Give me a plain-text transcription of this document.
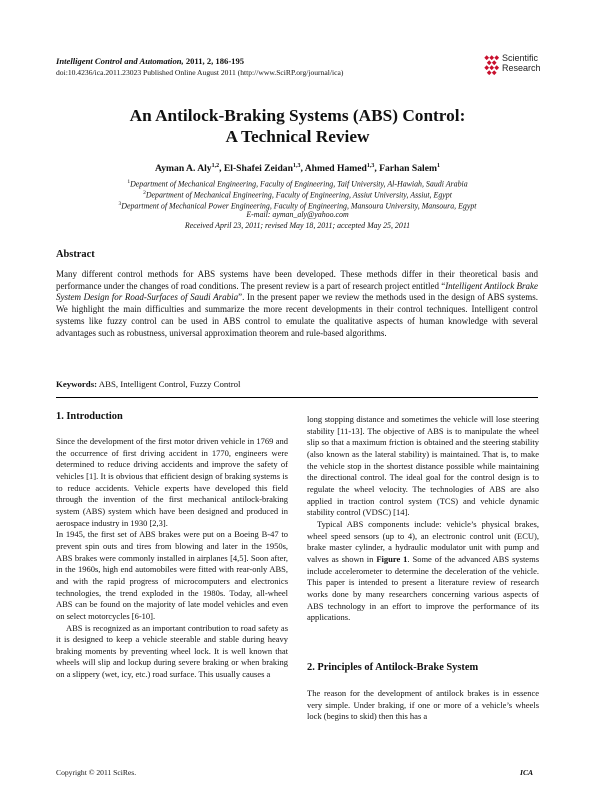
Intelligent Control and Automation, 2011, 2, 186-195
doi:10.4236/ica.2011.23023 Published Online August 2011 (http://www.SciRP.org/journal/ica)
Scientific
Research
An Antilock-Braking Systems (ABS) Control:
A Technical Review
Ayman A. Aly$^{1,2}$, El-Shafei Zeidan$^{1,3}$, Ahmed Hamed$^{1,3}$, Farhan Salem$^1$
$^1$Department of Mechanical Engineering, Faculty of Engineering, Taif University, Al-Hawiah, Saudi Arabia
$^2$Department of Mechanical Engineering, Faculty of Engineering, Assiut University, Assiut, Egypt
$^3$Department of Mechanical Power Engineering, Faculty of Engineering, Mansoura University, Mansoura, Egypt
E-mail: ayman_aly@yahoo.com
Received April 23, 2011; revised May 18, 2011; accepted May 25, 2011
Abstract
Many different control methods for ABS systems have been developed. These methods differ in their theoretical basis and performance under the changes of road conditions. The present review is a part of research project entitled “Intelligent Antilock Brake System Design for Road-Surfaces of Saudi Arabia”. In the present paper we review the methods used in the design of ABS systems. We highlight the main difficulties and summarize the more recent developments in their control techniques. Intelligent control systems like fuzzy control can be used in ABS control to emulate the qualitative aspects of human knowledge with several advantages such as robustness, universal approximation theorem and rule-based algorithms.
Keywords: ABS, Intelligent Control, Fuzzy Control
1. Introduction

Since the development of the first motor driven vehicle in 1769 and the occurrence of first driving accident in 1770, engineers were determined to reduce driving accidents and improve the safety of vehicles [1]. It is obvious that efficient design of braking systems is to reduce accidents. Vehicle experts have developed this field through the invention of the first mechanical antilock-braking system (ABS) system which have been designed and produced in aerospace industry in 1930 [2,3].

In 1945, the first set of ABS brakes were put on a Boeing B-47 to prevent spin outs and tires from blowing and later in the 1950s, ABS brakes were commonly installed in airplanes [4,5]. Soon after, in the 1960s, high end automobiles were fitted with rear-only ABS, and with the rapid progress of microcomputers and electronics technologies, the trend exploded in the 1980s. Today, all-wheel ABS can be found on the majority of late model vehicles and even on select motorcycles [6-10].

ABS is recognized as an important contribution to road safety as it is designed to keep a vehicle steerable and stable during heavy braking moments by preventing wheel lock. It is well known that wheels will slip and lockup during severe braking or when braking on a slippery (wet, icy, etc.) road surface. This usually causes a

long stopping distance and sometimes the vehicle will lose steering stability [11-13]. The objective of ABS is to manipulate the wheel slip so that a maximum friction is obtained and the steering stability (also known as the lateral stability) is maintained. That is, to make the vehicle stop in the shortest distance possible while maintaining the directional control. The ideal goal for the control design is to regulate the wheel velocity. The technologies of ABS are also applied in traction control system (TCS) and vehicle dynamic stability control (VDSC) [14].

Typical ABS components include: vehicle’s physical brakes, wheel speed sensors (up to 4), an electronic control unit (ECU), brake master cylinder, a hydraulic modulator unit with pump and valves as shown in Figure 1. Some of the advanced ABS systems include accelerometer to determine the deceleration of the vehicle. This paper is intended to present a literature review of research works done by many researchers concerning various aspects of ABS technology in an effort to improve the performance of its applications.

2. Principles of Antilock-Brake System

The reason for the development of antilock brakes is in essence very simple. Under braking, if one or more of a vehicle’s wheels lock (begins to skid) then this has a

Copyright © 2011 SciRes.	ICA
